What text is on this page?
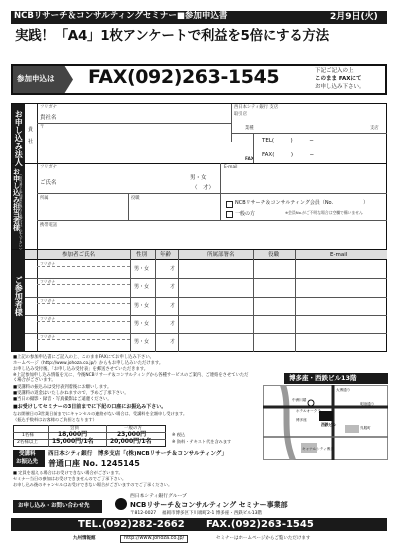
NCBリサーチ＆コンサルティングセミナー■参加申込書	2月9日(火)
実践！「A4」1枚アンケートで利益を5倍にする方法
参加申込は FAX(092)263-1545	下記ご記入の上
このまま FAXにて
お申し込み下さい。
お申し込み法人
お申し込み担当者様
（担当者と参加者が異なる場合はご記入下さい）
ご参加者様
フリガナ
貴社名
貴
社
西日本シティ銀行 支店
取引店
支店
〒	業種
TEL(　　　)　　　−
FAX(　　　)　　　−
FAX
フリガナ
ご氏名
男・女
（　才）
E-mail
所属	役職
NCBリサーチ＆コンサルティング会員（No.　　　　　　）
一般の方	※会員No.がご不明な場合は空欄で構いません
携帯電話
参加者ご氏名	性別 年齢	所属部署名	役職	E-mail
フリガナ
男・女	才
フリガナ
男・女	才
フリガナ
男・女	才
フリガナ
男・女	才
フリガナ
男・女	才
■上記の参加申込書にご記入の上、このままFAXにてお申し込み下さい。
ホームページ（http://www.johoza.co.jp/）からもお申し込みいただけます。
お申し込み受付後、「お申し込み受付表」を郵送させていただきます。
※上記参加申し込み情報を元に、今後NCBリサーチ＆コンサルティングから各種サービスのご案内、ご連絡をさせていただく場合がございます。
■受講料の振込みは受付表到着後にお願いします。
■受講料の返金はいたしかねますので、予めご了承下さい。
■当日の撮影・録音・写真撮影はご遠慮ください。
■お受けしてセミナーの3日前までに下記の口座にお振込み下さい。
なお開催日の3営業日前までにキャンセルの連絡がない場合は、受講料を全額申し受けます。
（振込手数料はお客様のご負担となります）
会員	一般の方
1名様	18,000円	23,000円
2名様以上 15,000円/1名	20,000円/1名
※ 税込
※ 資料・テキスト代を含みます
受講料
お振込先
西日本シティ銀行　博多支店「(株)NCBリサーチ＆コンサルティング」
普通口座 No. 1245145
■ 定員を超える場合はお受けできない場合がございます。
セミナー当日の参加はお受けできませんのでご了承下さい。
お申し込み後のキャンセルはお受けできない場合がございますのでご了承ください。
博多座・西鉄ビル13階
中洲川端
ホテルオークラ
西鉄ビル
キャナルシティ博多
明治通り
大博通り
博多座
呉服町
お申し込み・お問い合わせ先
西日本シティ銀行グループ
NCBリサーチ＆コンサルティング セミナー事業部
〒812-0027 福岡市博多区下川端町2-1 博多座・西鉄ビル13階
TEL.(092)282-2662 FAX.(092)263-1545
九州情報館	http://www.johoza.co.jp/	セミナーはホームページからご覧いただけます
